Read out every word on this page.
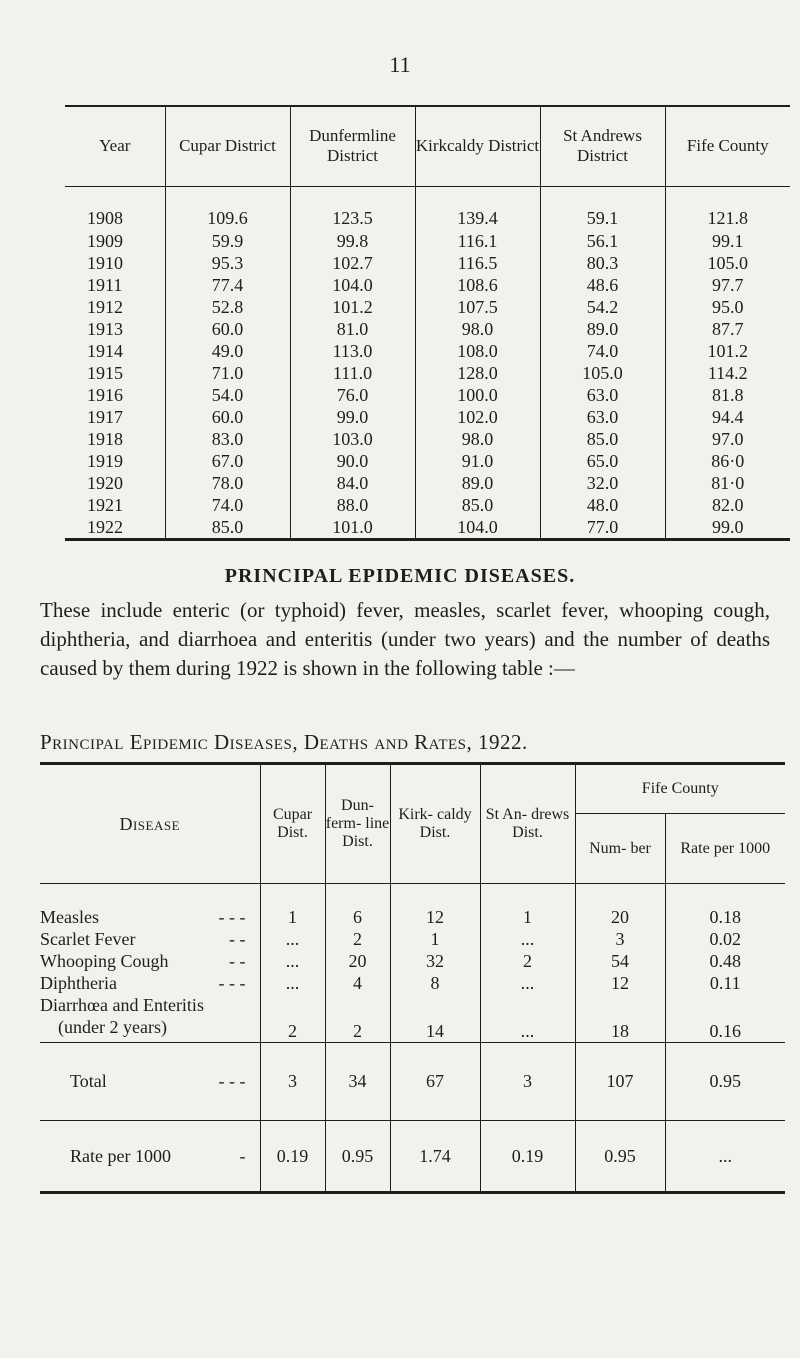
11
Year	Cupar District	Dunfermline District	Kirkcaldy District	St Andrews District	Fife County
1908	109.6	123.5	139.4	59.1	121.8
1909	59.9	99.8	116.1	56.1	99.1
1910	95.3	102.7	116.5	80.3	105.0
1911	77.4	104.0	108.6	48.6	97.7
1912	52.8	101.2	107.5	54.2	95.0
1913	60.0	81.0	98.0	89.0	87.7
1914	49.0	113.0	108.0	74.0	101.2
1915	71.0	111.0	128.0	105.0	114.2
1916	54.0	76.0	100.0	63.0	81.8
1917	60.0	99.0	102.0	63.0	94.4
1918	83.0	103.0	98.0	85.0	97.0
1919	67.0	90.0	91.0	65.0	86·0
1920	78.0	84.0	89.0	32.0	81·0
1921	74.0	88.0	85.0	48.0	82.0
1922	85.0	101.0	104.0	77.0	99.0
PRINCIPAL EPIDEMIC DISEASES.
These include enteric (or typhoid) fever, measles, scarlet fever, whooping cough, diphtheria, and diarrhoea and enteritis (under two years) and the number of deaths caused by them during 1922 is shown in the following table :—
Principal Epidemic Diseases, Deaths and Rates, 1922.
Disease	Cupar Dist.	Dun- ferm- line Dist.	Kirk- caldy Dist.	St An- drews Dist.	Fife County	
					Num- ber	Rate per 1000
Measles - - -	1	6	12	1	20	0.18
Scarlet Fever - -	...	2	1	...	3	0.02
Whooping Cough - -	...	20	32	2	54	0.48
Diphtheria - - -	...	4	8	...	12	0.11
Diarrhœa and Enteritis
(under 2 years)	2	2	14	...	18	0.16
Total - - -	3	34	67	3	107	0.95
Rate per 1000 -	0.19	0.95	1.74	0.19	0.95	...
